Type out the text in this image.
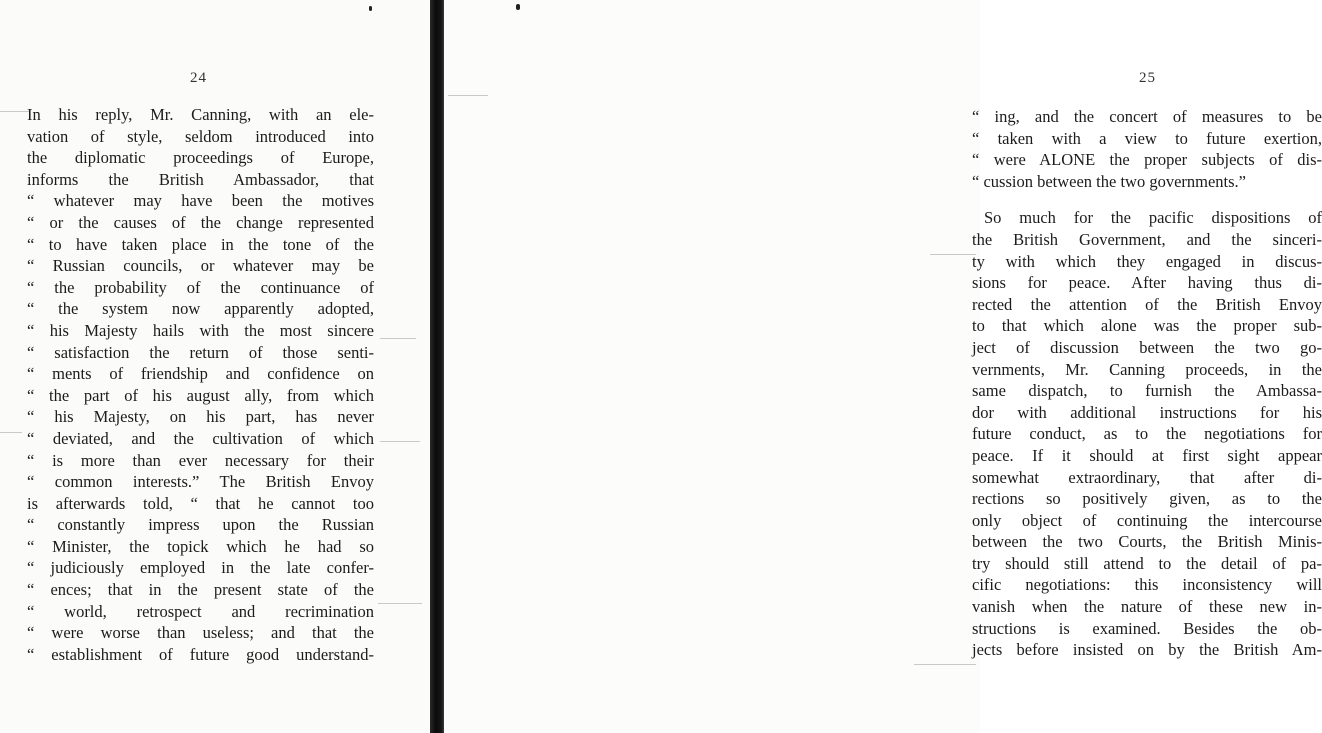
24
In his reply, Mr. Canning, with an ele-
vation of style, seldom introduced into
the diplomatic proceedings of Europe,
informs the British Ambassador, that
“ whatever may have been the motives
“ or the causes of the change represented
“ to have taken place in the tone of the
“ Russian councils, or whatever may be
“ the probability of the continuance of
“ the system now apparently adopted,
“ his Majesty hails with the most sincere
“ satisfaction the return of those senti-
“ ments of friendship and confidence on
“ the part of his august ally, from which
“ his Majesty, on his part, has never
“ deviated, and the cultivation of which
“ is more than ever necessary for their
“ common interests.” The British Envoy
is afterwards told, “ that he cannot too
“ constantly impress upon the Russian
“ Minister, the topick which he had so
“ judiciously employed in the late confer-
“ ences; that in the present state of the
“ world, retrospect and recrimination
“ were worse than useless; and that the
“ establishment of future good understand-
25
“ ing, and the concert of measures to be
“ taken with a view to future exertion,
“ were ALONE the proper subjects of dis-
“ cussion between the two governments.”
So much for the pacific dispositions of
the British Government, and the sinceri-
ty with which they engaged in discus-
sions for peace. After having thus di-
rected the attention of the British Envoy
to that which alone was the proper sub-
ject of discussion between the two go-
vernments, Mr. Canning proceeds, in the
same dispatch, to furnish the Ambassa-
dor with additional instructions for his
future conduct, as to the negotiations for
peace. If it should at first sight appear
somewhat extraordinary, that after di-
rections so positively given, as to the
only object of continuing the intercourse
between the two Courts, the British Minis-
try should still attend to the detail of pa-
cific negotiations: this inconsistency will
vanish when the nature of these new in-
structions is examined. Besides the ob-
jects before insisted on by the British Am-
